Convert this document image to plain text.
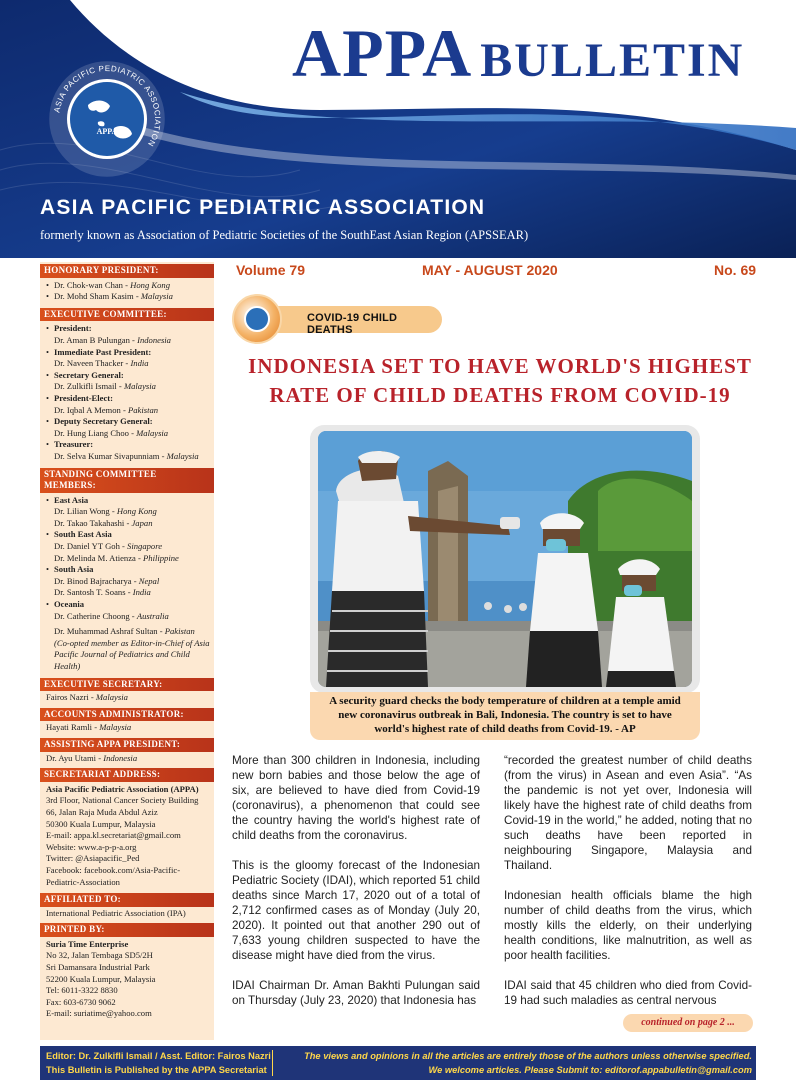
APPA
ASIA PACIFIC PEDIATRIC ASSOCIATION
APPA BULLETIN
ASIA PACIFIC PEDIATRIC ASSOCIATION
formerly known as Association of Pediatric Societies of the SouthEast Asian Region (APSSEAR)
HONORARY PRESIDENT:
• Dr. Chok-wan Chan - Hong Kong
• Dr. Mohd Sham Kasim - Malaysia
EXECUTIVE COMMITTEE:
• President:
Dr. Aman B Pulungan - Indonesia
• Immediate Past President:
Dr. Naveen Thacker - India
• Secretary General:
Dr. Zulkifli Ismail - Malaysia
• President-Elect:
Dr. Iqbal A Memon - Pakistan
• Deputy Secretary General:
Dr. Hung Liang Choo - Malaysia
• Treasurer:
Dr. Selva Kumar Sivapunniam - Malaysia
STANDING COMMITTEE MEMBERS:
• East Asia
Dr. Lilian Wong - Hong Kong
Dr. Takao Takahashi - Japan
• South East Asia
Dr. Daniel YT Goh - Singapore
Dr. Melinda M. Atienza - Philippine
• South Asia
Dr. Binod Bajracharya - Nepal
Dr. Santosh T. Soans - India
• Oceania
Dr. Catherine Choong - Australia
Dr. Muhammad Ashraf Sultan - Pakistan
(Co-opted member as Editor-in-Chief of Asia Pacific Journal of Pediatrics and Child Health)
EXECUTIVE SECRETARY:
Fairos Nazri - Malaysia
ACCOUNTS ADMINISTRATOR:
Hayati Ramli - Malaysia
ASSISTING APPA PRESIDENT:
Dr. Ayu Utami - Indonesia
SECRETARIAT ADDRESS:
Asia Pacific Pediatric Association (APPA)
3rd Floor, National Cancer Society Building
66, Jalan Raja Muda Abdul Aziz
50300 Kuala Lumpur, Malaysia
E-mail: appa.kl.secretariat@gmail.com
Website: www.a-p-p-a.org
Twitter: @Asiapacific_Ped
Facebook: facebook.com/Asia-Pacific-Pediatric-Association
AFFILIATED TO:
International Pediatric Association (IPA)
PRINTED BY:
Suria Time Enterprise
No 32, Jalan Tembaga SD5/2H
Sri Damansara Industrial Park
52200 Kuala Lumpur, Malaysia
Tel: 6011-3322 8830
Fax: 603-6730 9062
E-mail: suriatime@yahoo.com
Volume 79	MAY - AUGUST 2020	No. 69
COVID-19 CHILD DEATHS
INDONESIA SET TO HAVE WORLD'S HIGHEST
RATE OF CHILD DEATHS FROM COVID-19
A security guard checks the body temperature of children at a temple amid new coronavirus outbreak in Bali, Indonesia. The country is set to have world's highest rate of child deaths from Covid-19. - AP

More than 300 children in Indonesia, including new born babies and those below the age of six, are believed to have died from Covid-19 (coronavirus), a phenomenon that could see the country having the world's highest rate of child deaths from the coronavirus.

This is the gloomy forecast of the Indonesian Pediatric Society (IDAI), which reported 51 child deaths since March 17, 2020 out of a total of 2,712 confirmed cases as of Monday (July 20, 2020). It pointed out that another 290 out of 7,633 young children suspected to have the disease might have died from the virus.

IDAI Chairman Dr. Aman Bakhti Pulungan said on Thursday (July 23, 2020) that Indonesia has

“recorded the greatest number of child deaths (from the virus) in Asean and even Asia”. “As the pandemic is not yet over, Indonesia will likely have the highest rate of child deaths from Covid-19 in the world,” he added, noting that no such deaths have been reported in neighbouring Singapore, Malaysia and Thailand.

Indonesian health officials blame the high number of child deaths from the virus, which mostly kills the elderly, on their underlying health conditions, like malnutrition, as well as poor health facilities.

IDAI said that 45 children who died from Covid-19 had such maladies as central nervous

continued on page 2 ...
Editor: Dr. Zulkifli Ismail / Asst. Editor: Fairos Nazri
This Bulletin is Published by the APPA Secretariat
The views and opinions in all the articles are entirely those of the authors unless otherwise specified.
We welcome articles. Please Submit to: editorof.appabulletin@gmail.com
